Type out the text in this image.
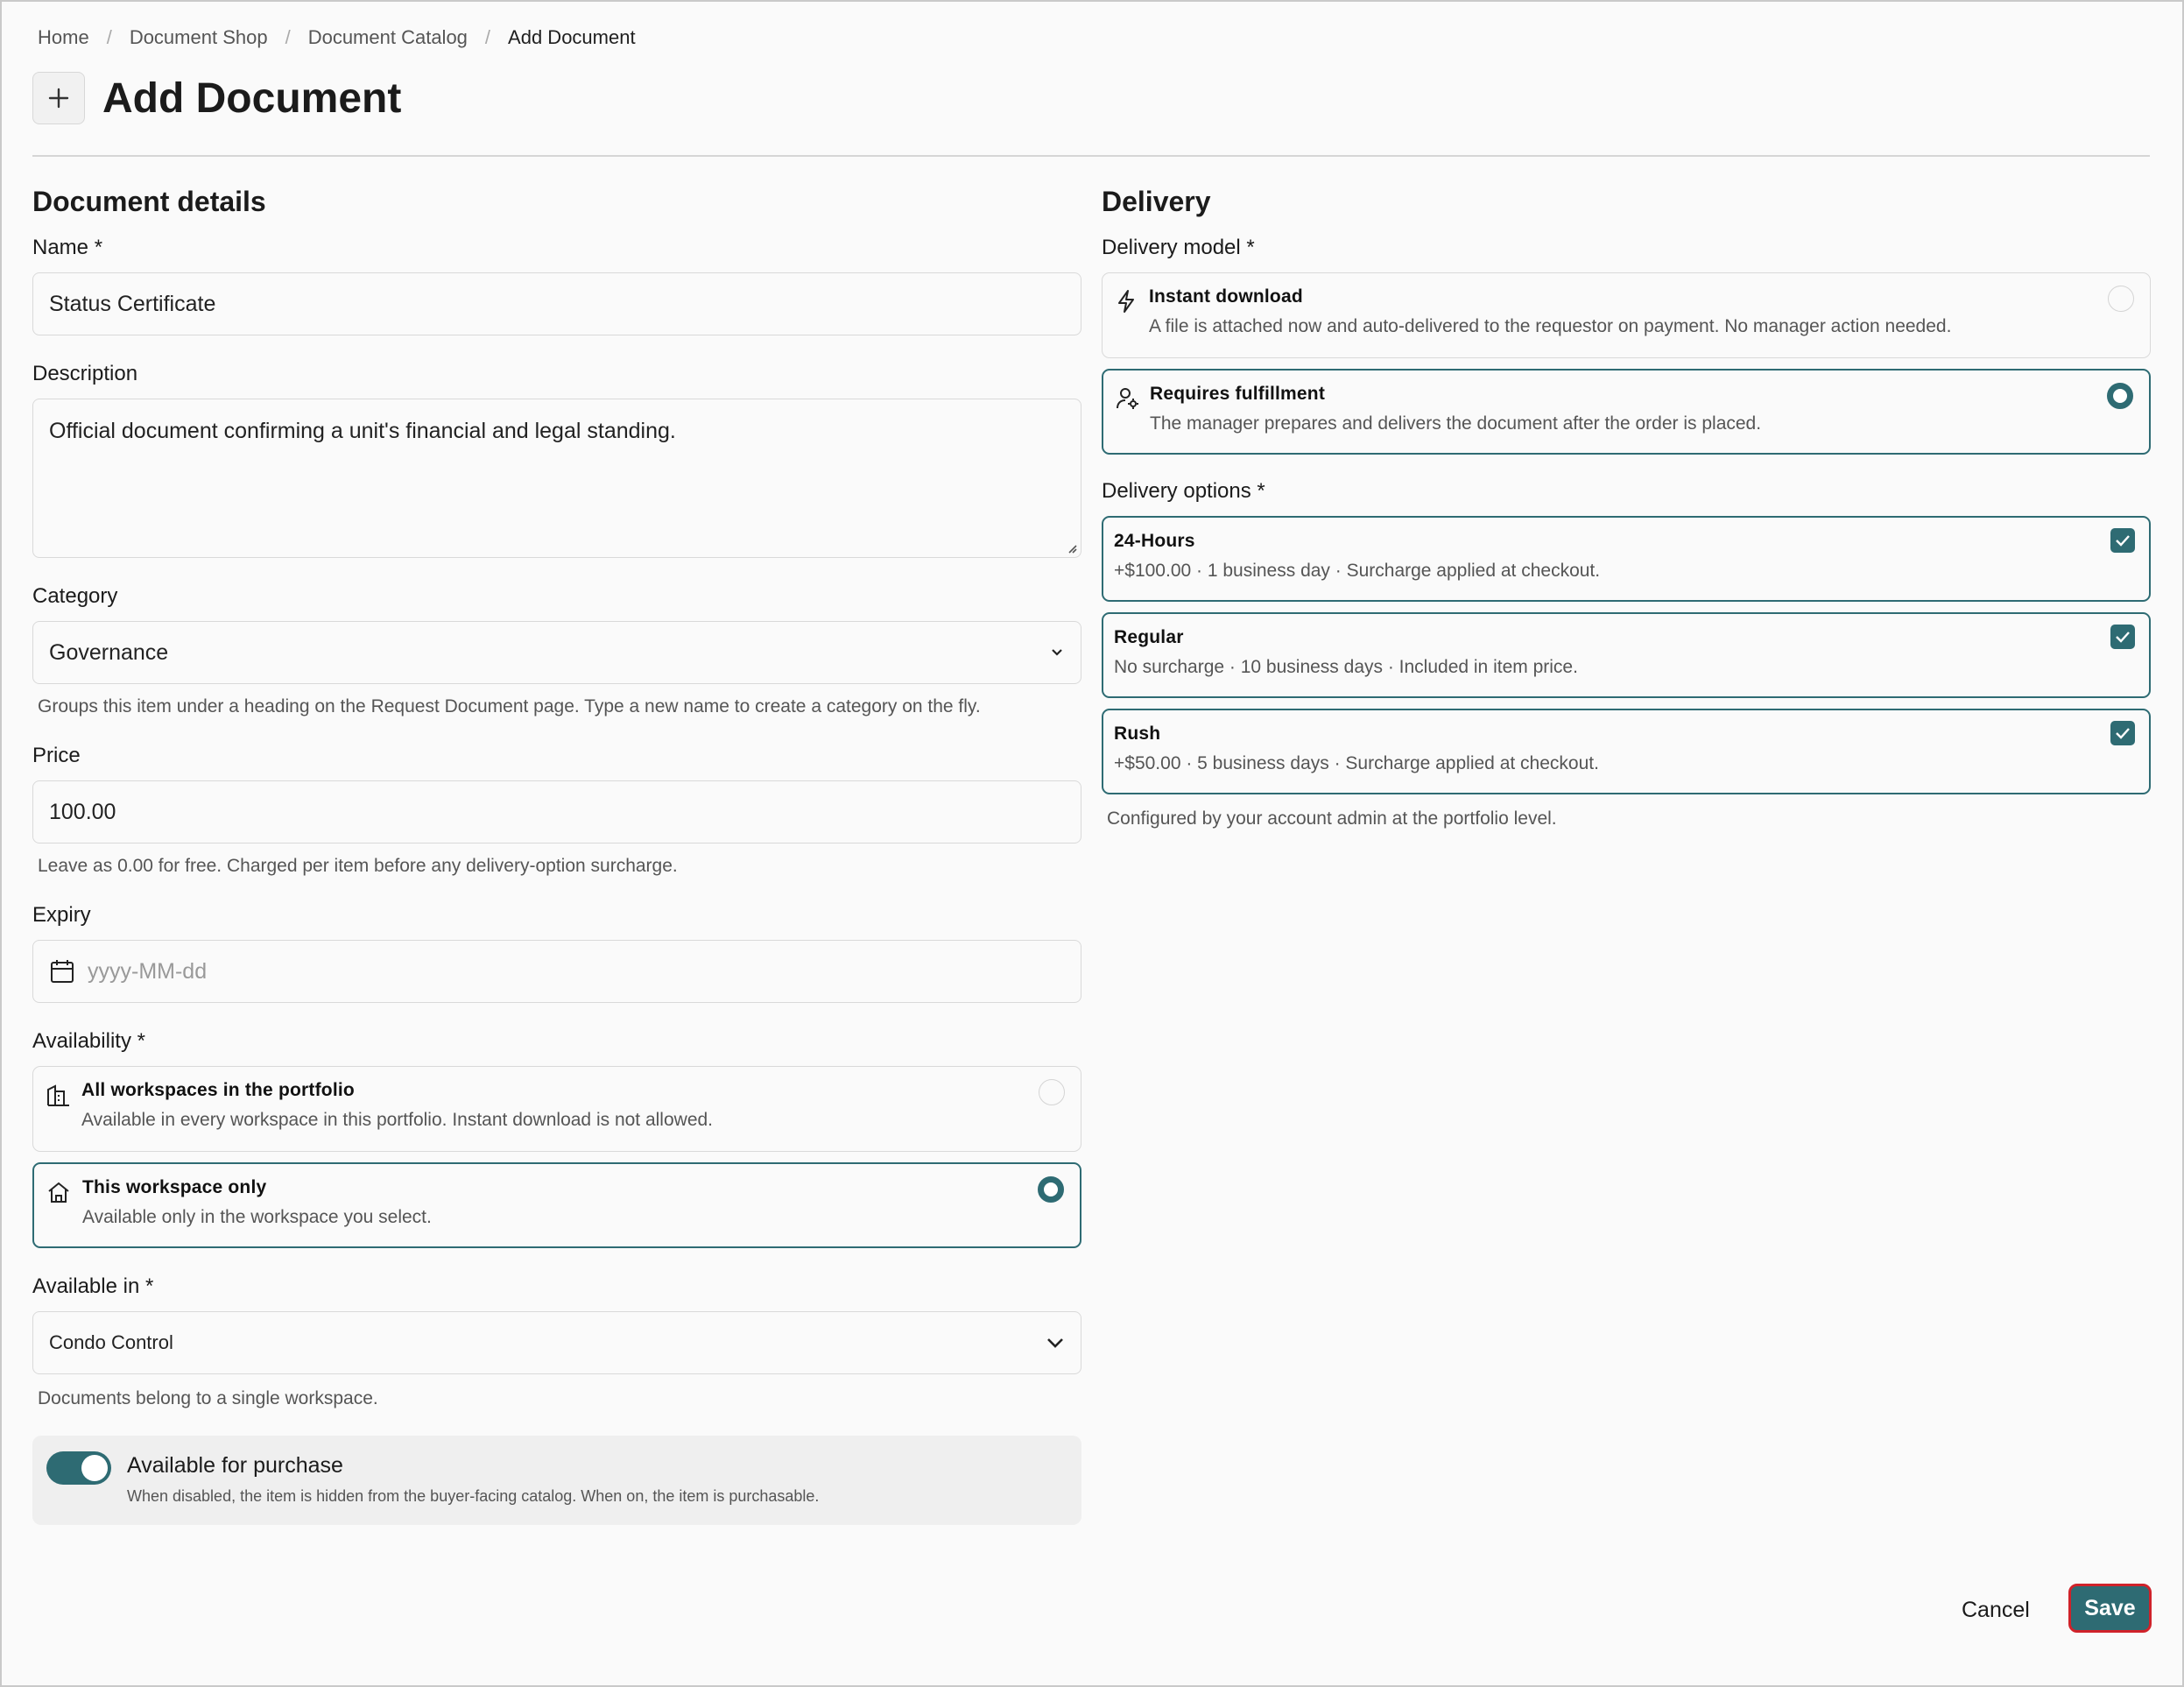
Home / Document Shop / Document Catalog / Add Document
Add Document
Document details
Name *
Status Certificate
Description
Official document confirming a unit's financial and legal standing.
Category
Governance
Groups this item under a heading on the Request Document page. Type a new name to create a category on the fly.
Price
100.00
Leave as 0.00 for free. Charged per item before any delivery-option surcharge.
Expiry
yyyy-MM-dd
Availability *
All workspaces in the portfolio
Available in every workspace in this portfolio. Instant download is not allowed.
This workspace only
Available only in the workspace you select.
Available in *
Condo Control
Documents belong to a single workspace.
Available for purchase
When disabled, the item is hidden from the buyer-facing catalog. When on, the item is purchasable.
Delivery
Delivery model *
Instant download
A file is attached now and auto-delivered to the requestor on payment. No manager action needed.
Requires fulfillment
The manager prepares and delivers the document after the order is placed.
Delivery options *
24-Hours
+$100.00 · 1 business day · Surcharge applied at checkout.
Regular
No surcharge · 10 business days · Included in item price.
Rush
+$50.00 · 5 business days · Surcharge applied at checkout.
Configured by your account admin at the portfolio level.
Cancel	Save
